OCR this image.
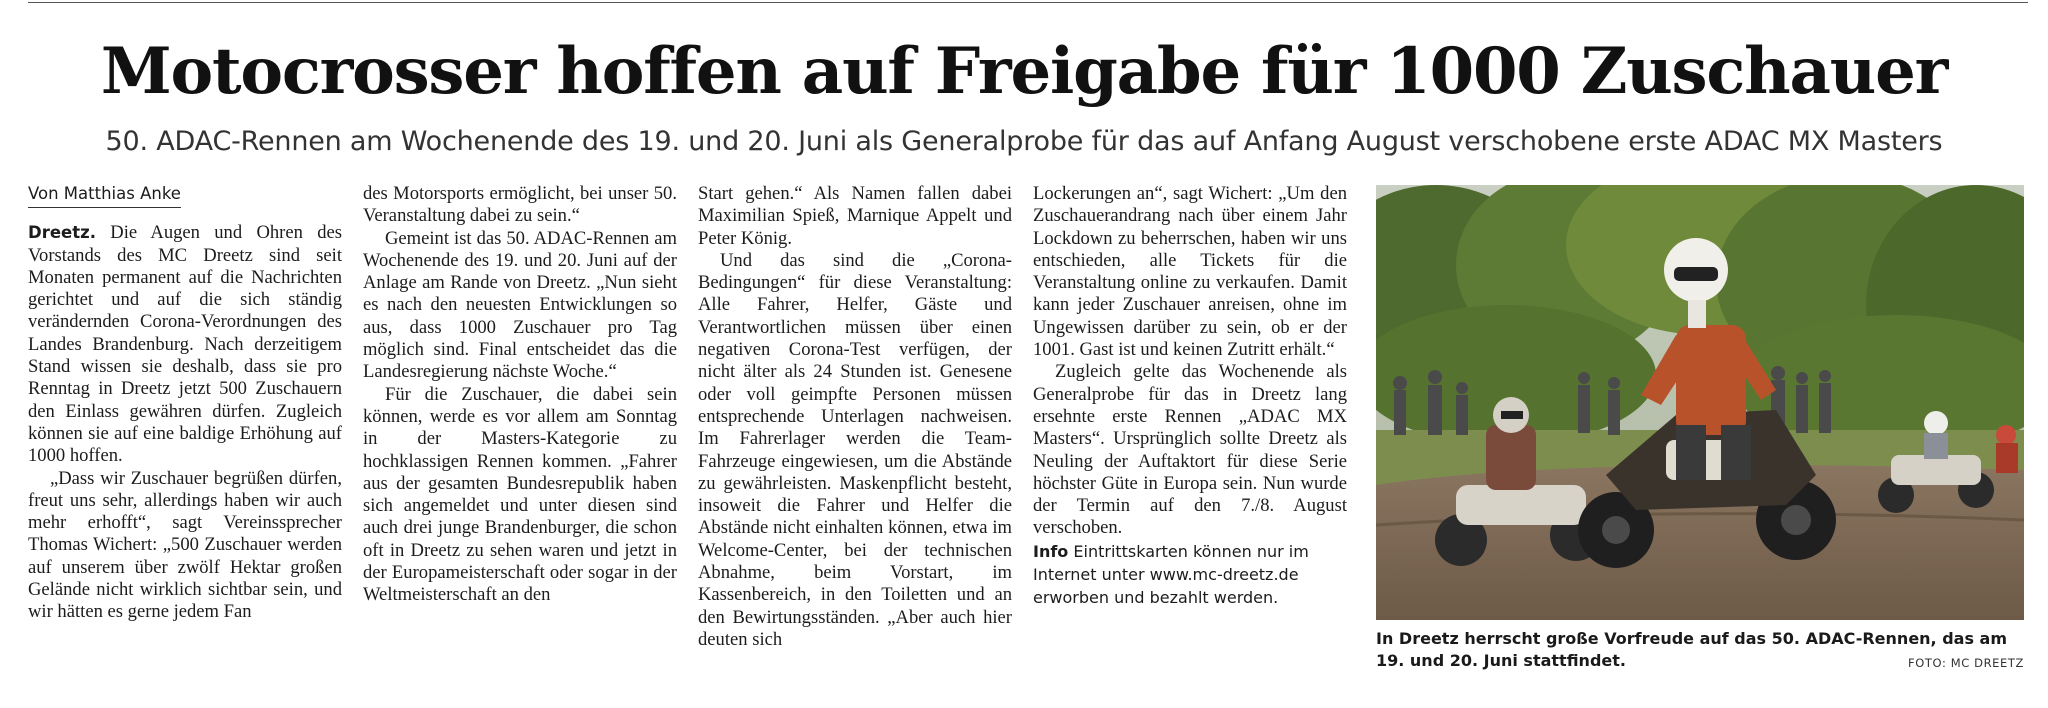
Motocrosser hoffen auf Freigabe für 1000 Zuschauer
50. ADAC-Rennen am Wochenende des 19. und 20. Juni als Generalprobe für das auf Anfang August verschobene erste ADAC MX Masters
Von Matthias Anke

Dreetz. Die Augen und Ohren des Vorstands des MC Dreetz sind seit Monaten permanent auf die Nachrichten gerichtet und auf die sich ständig verändernden Corona-Verordnungen des Landes Brandenburg. Nach derzeitigem Stand wissen sie deshalb, dass sie pro Renntag in Dreetz jetzt 500 Zuschauern den Einlass gewähren dürfen. Zugleich können sie auf eine baldige Erhöhung auf 1000 hoffen.

„Dass wir Zuschauer begrüßen dürfen, freut uns sehr, allerdings haben wir auch mehr erhofft“, sagt Vereinssprecher Thomas Wichert: „500 Zuschauer werden auf unserem über zwölf Hektar großen Gelände nicht wirklich sichtbar sein, und wir hätten es gerne jedem Fan

des Motorsports ermöglicht, bei unser 50. Veranstaltung dabei zu sein.“

Gemeint ist das 50. ADAC-Rennen am Wochenende des 19. und 20. Juni auf der Anlage am Rande von Dreetz. „Nun sieht es nach den neuesten Entwicklungen so aus, dass 1000 Zuschauer pro Tag möglich sind. Final entscheidet das die Landesregierung nächste Woche.“

Für die Zuschauer, die dabei sein können, werde es vor allem am Sonntag in der Masters-Kategorie zu hochklassigen Rennen kommen. „Fahrer aus der gesamten Bundesrepublik haben sich angemeldet und unter diesen sind auch drei junge Brandenburger, die schon oft in Dreetz zu sehen waren und jetzt in der Europameisterschaft oder sogar in der Weltmeisterschaft an den

Start gehen.“ Als Namen fallen dabei Maximilian Spieß, Marnique Appelt und Peter König.

Und das sind die „Corona-Bedingungen“ für diese Veranstaltung: Alle Fahrer, Helfer, Gäste und Verantwortlichen müssen über einen negativen Corona-Test verfügen, der nicht älter als 24 Stunden ist. Genesene oder voll geimpfte Personen müssen entsprechende Unterlagen nachweisen. Im Fahrerlager werden die Team-Fahrzeuge eingewiesen, um die Abstände zu gewährleisten. Maskenpflicht besteht, insoweit die Fahrer und Helfer die Abstände nicht einhalten können, etwa im Welcome-Center, bei der technischen Abnahme, beim Vorstart, im Kassenbereich, in den Toiletten und an den Bewirtungsständen. „Aber auch hier deuten sich

Lockerungen an“, sagt Wichert: „Um den Zuschauerandrang nach über einem Jahr Lockdown zu beherrschen, haben wir uns entschieden, alle Tickets für die Veranstaltung online zu verkaufen. Damit kann jeder Zuschauer anreisen, ohne im Ungewissen darüber zu sein, ob er der 1001. Gast ist und keinen Zutritt erhält.“

Zugleich gelte das Wochenende als Generalprobe für das in Dreetz lang ersehnte erste Rennen „ADAC MX Masters“. Ursprünglich sollte Dreetz als Neuling der Auftaktort für diese Serie höchster Güte in Europa sein. Nun wurde der Termin auf den 7./8. August verschoben.

Info Eintrittskarten können nur im Internet unter www.mc-dreetz.de erworben und bezahlt werden.

In Dreetz herrscht große Vorfreude auf das 50. ADAC-Rennen, das am 19. und 20. Juni stattfindet.	FOTO: MC DREETZ
